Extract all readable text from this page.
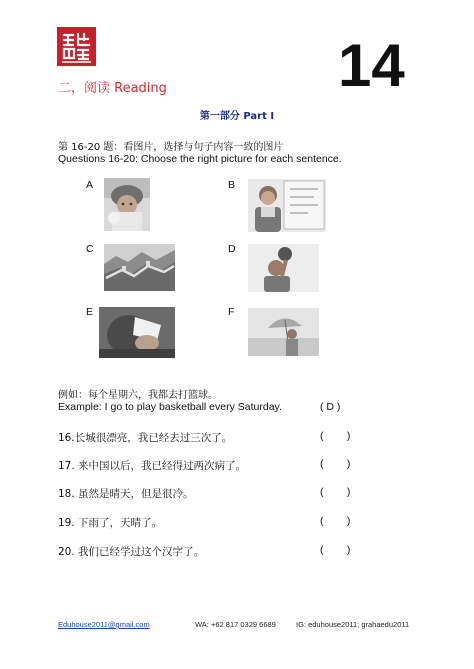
二，阅读 Reading	14
第一部分 Part I
第 16-20 题：看图片，选择与句子内容一致的图片
Questions 16-20: Choose the right picture for each sentence.
A	B
C	D
E	F
例如：每个星期六，我都去打篮球。
Example: I go to play basketball every Saturday.	( D )
16.长城很漂亮，我已经去过三次了。	(        )
17. 来中国以后，我已经得过两次病了。	(        )
18. 虽然是晴天，但是很冷。	(        )
19. 下雨了，天晴了。	(        )
20. 我们已经学过这个汉字了。	(        )
Eduhouse2011@gmail.com	WA: +62 817 0329 6689	IG: eduhouse2011; grahaedu2011
